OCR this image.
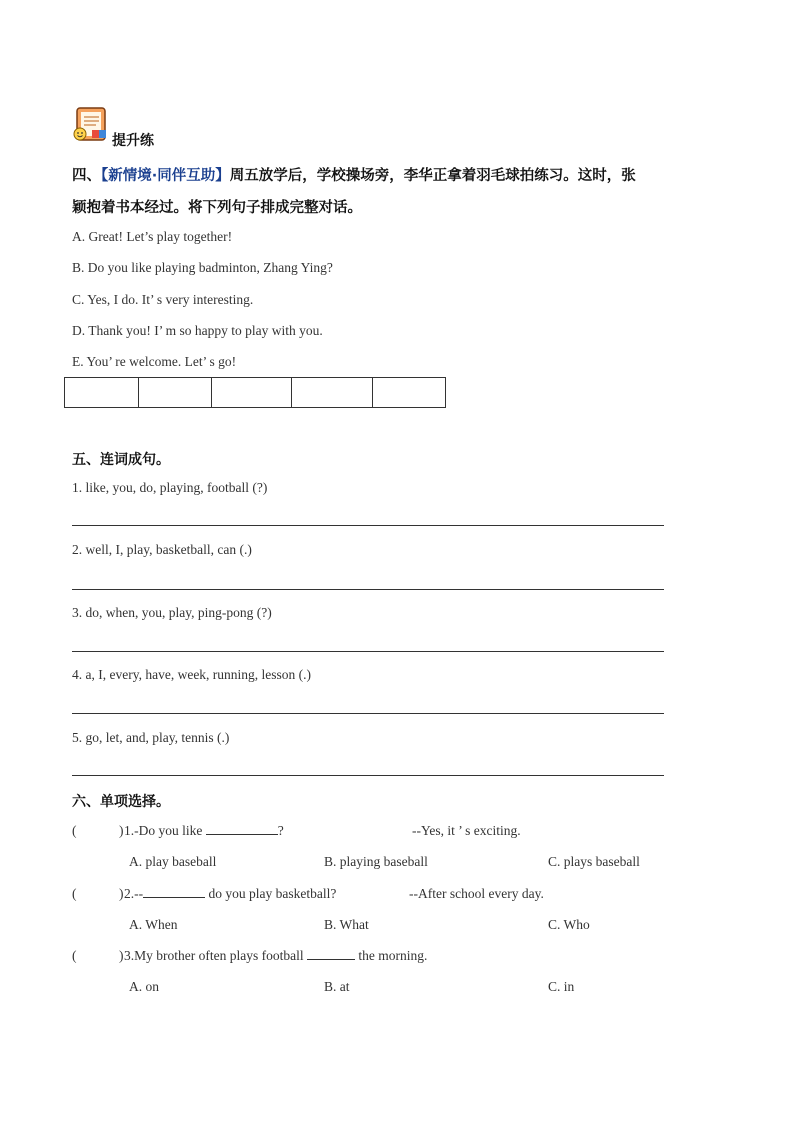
提升练
四、【新情境·同伴互助】周五放学后，学校操场旁，李华正拿着羽毛球拍练习。这时，张
颖抱着书本经过。将下列句子排成完整对话。
A. Great! Let’s play together!
B. Do you like playing badminton, Zhang Ying?
C. Yes, I do. It’ s very interesting.
D. Thank you! I’ m so happy to play with you.
E. You’ re welcome. Let’ s go!

五、连词成句。
1. like, you, do, playing, football (?)
2. well, I, play, basketball, can (.)
3. do, when, you, play, ping-pong (?)
4. a, I, every, have, week, running, lesson (.)
5. go, let, and, play, tennis (.)
六、单项选择。
(	) 1.-Do you like	?	--Yes, it ’ s exciting.
A. play baseball	B. playing baseball	C. plays baseball
(	) 2.--	do you play basketball?	--After school every day.
A. When	B. What	C. Who
(	) 3.My brother often plays football	the morning.
A. on	B. at	C. in
